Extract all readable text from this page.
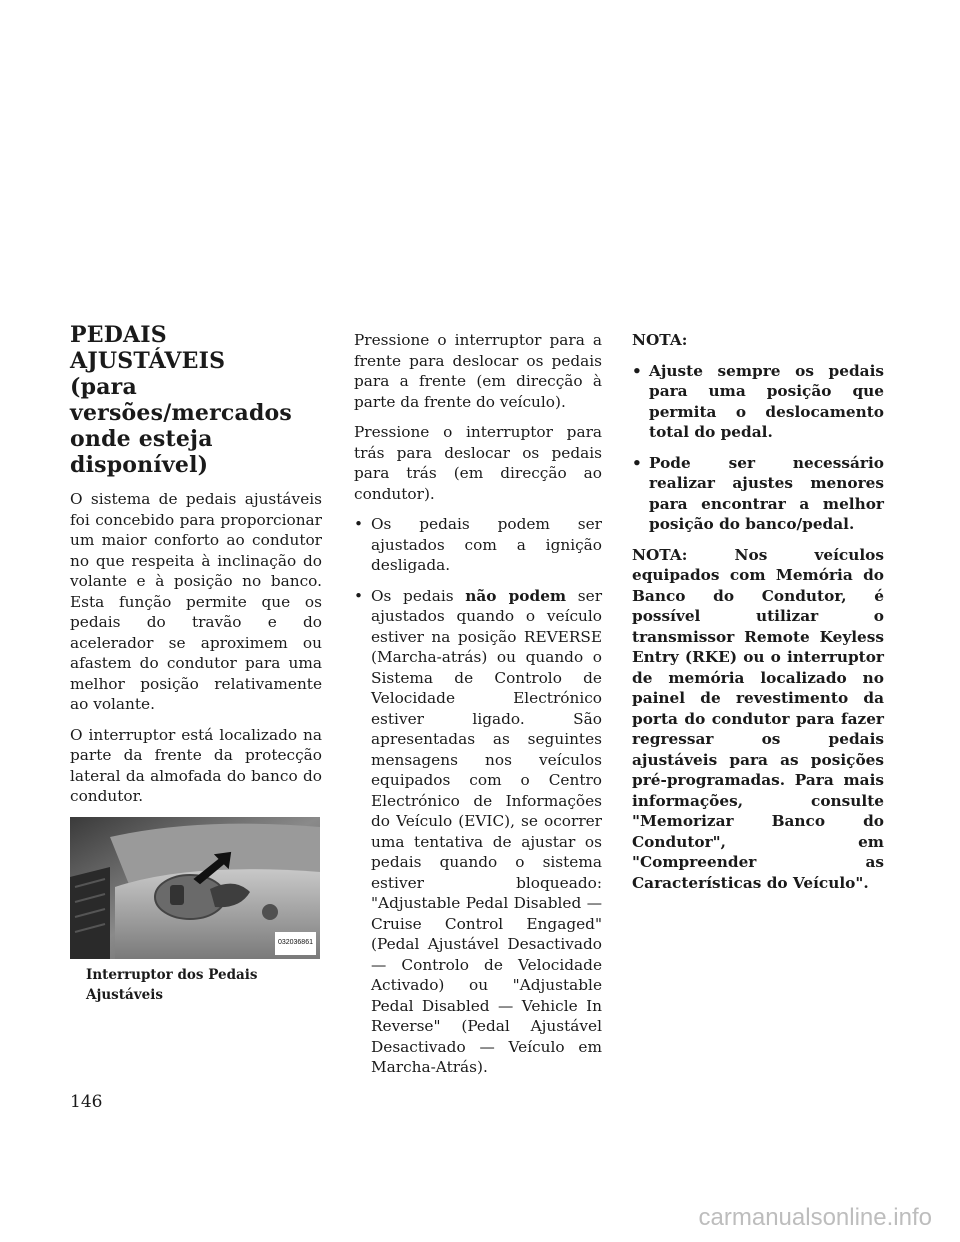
PEDAIS AJUSTÁVEIS
(para versões/mercados
onde esteja disponível)

O sistema de pedais ajustáveis foi concebido para proporcionar um maior conforto ao condutor no que respeita à inclinação do volante e à posição no banco. Esta função permite que os pedais do travão e do acelerador se aproximem ou afastem do condutor para uma melhor posição relativamente ao volante.

O interruptor está localizado na parte da frente da protecção lateral da almofada do banco do condutor.

032036861
Interruptor dos Pedais Ajustáveis

Pressione o interruptor para a frente para deslocar os pedais para a frente (em direcção à parte da frente do veículo).

Pressione o interruptor para trás para deslocar os pedais para trás (em direcção ao condutor).

• Os pedais podem ser ajustados com a ignição desligada.
• Os pedais não podem ser ajustados quando o veículo estiver na posição REVERSE (Marcha-atrás) ou quando o Sistema de Controlo de Velocidade Electrónico estiver ligado. São apresentadas as seguintes mensagens nos veículos equipados com o Centro Electrónico de Informações do Veículo (EVIC), se ocorrer uma tentativa de ajustar os pedais quando o sistema estiver bloqueado: "Adjustable Pedal Disabled — Cruise Control Engaged" (Pedal Ajustável Desactivado — Controlo de Velocidade Activado) ou "Adjustable Pedal Disabled — Vehicle In Reverse" (Pedal Ajustável Desactivado — Veículo em Marcha-Atrás).

NOTA:

• Ajuste sempre os pedais para uma posição que permita o deslocamento total do pedal.
• Pode ser necessário realizar ajustes menores para encontrar a melhor posição do banco/pedal.

NOTA: Nos veículos equipados com Memória do Banco do Condutor, é possível utilizar o transmissor Remote Keyless Entry (RKE) ou o interruptor de memória localizado no painel de revestimento da porta do condutor para fazer regressar os pedais ajustáveis para as posições pré-programadas. Para mais informações, consulte "Memorizar Banco do Condutor", em "Compreender as Características do Veículo".

146
carmanualsonline.info
